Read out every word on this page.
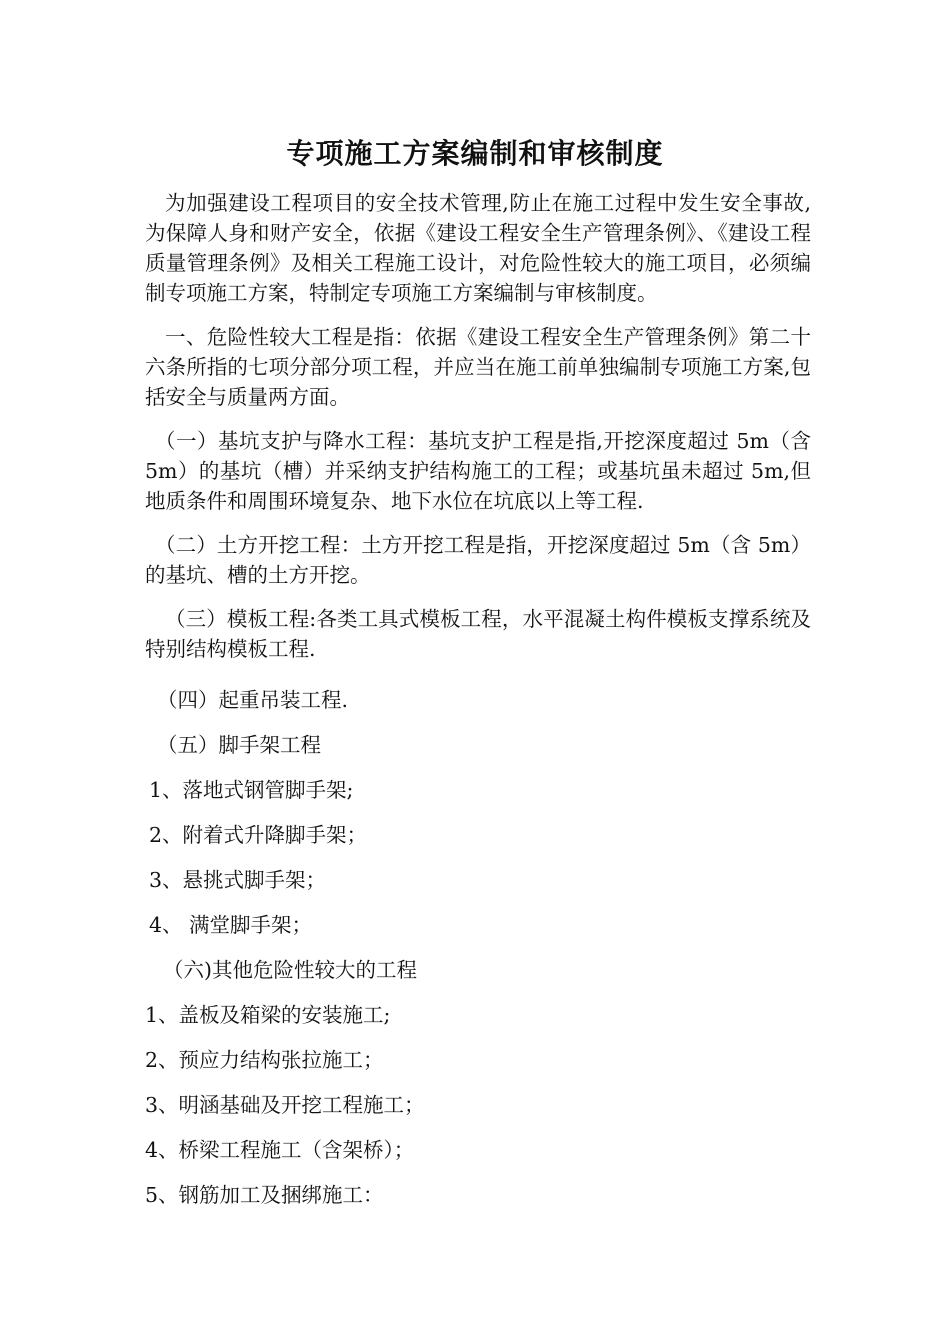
专项施工方案编制和审核制度

为加强建设工程项目的安全技术管理,防止在施工过程中发生安全事故,为保障人身和财产安全，依据《建设工程安全生产管理条例》、《建设工程质量管理条例》及相关工程施工设计，对危险性较大的施工项目，必须编制专项施工方案，特制定专项施工方案编制与审核制度。

一、危险性较大工程是指：依据《建设工程安全生产管理条例》第二十六条所指的七项分部分项工程，并应当在施工前单独编制专项施工方案,包括安全与质量两方面。

（一）基坑支护与降水工程：基坑支护工程是指,开挖深度超过 5m（含 5m）的基坑（槽）并采纳支护结构施工的工程；或基坑虽未超过 5m,但地质条件和周围环境复杂、地下水位在坑底以上等工程.

（二）土方开挖工程：土方开挖工程是指，开挖深度超过 5m（含 5m）的基坑、槽的土方开挖。

（三）模板工程:各类工具式模板工程，水平混凝土构件模板支撑系统及特别结构模板工程.

（四）起重吊装工程.

（五）脚手架工程

1、落地式钢管脚手架;

2、附着式升降脚手架；

3、悬挑式脚手架；

4、 满堂脚手架；

（六)其他危险性较大的工程

1、盖板及箱梁的安装施工;

2、预应力结构张拉施工；

3、明涵基础及开挖工程施工；

4、桥梁工程施工（含架桥）；

5、钢筋加工及捆绑施工：
